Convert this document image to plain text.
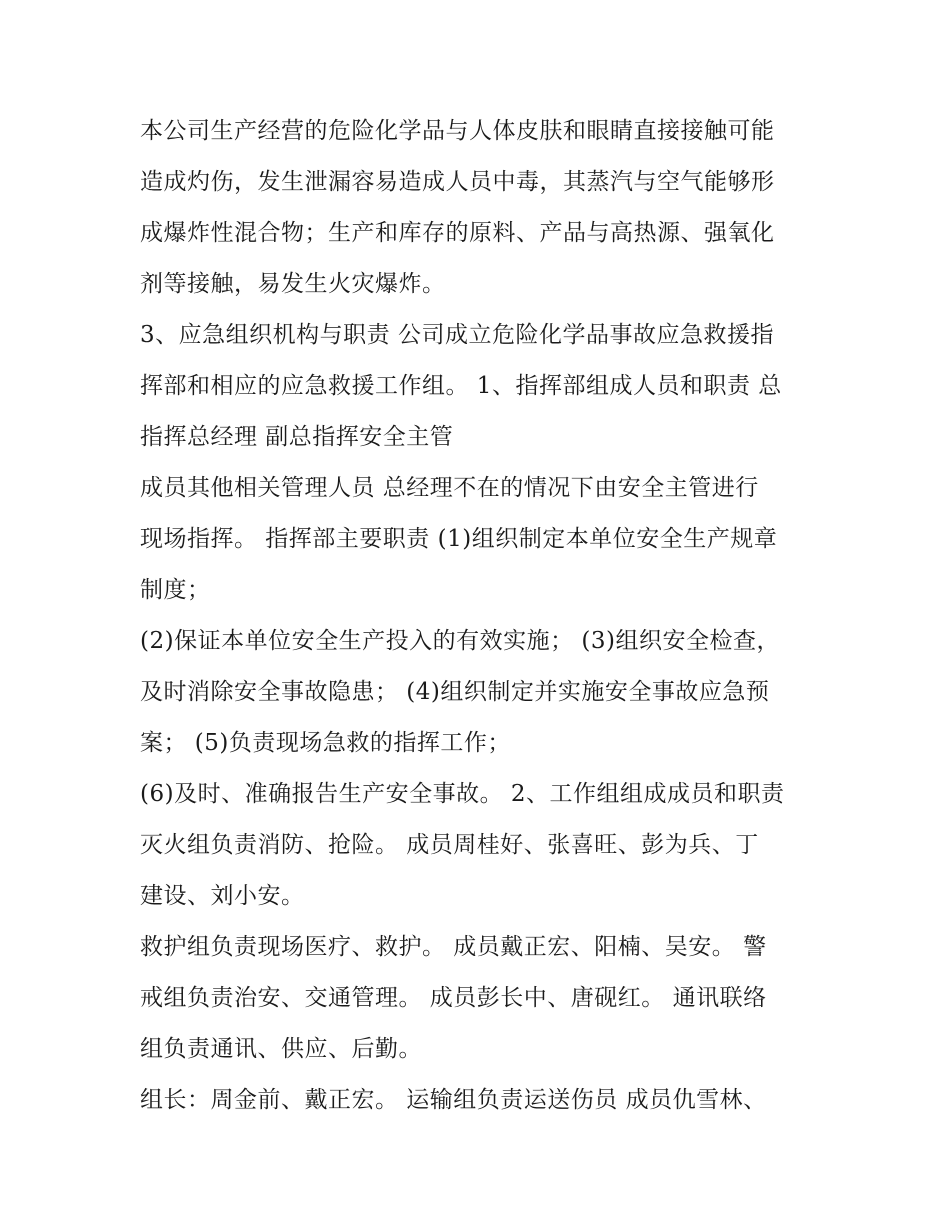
本公司生产经营的危险化学品与人体皮肤和眼睛直接接触可能
造成灼伤，发生泄漏容易造成人员中毒，其蒸汽与空气能够形
成爆炸性混合物；生产和库存的原料、产品与高热源、强氧化
剂等接触，易发生火灾爆炸。

3、应急组织机构与职责 公司成立危险化学品事故应急救援指
挥部和相应的应急救援工作组。 1、指挥部组成人员和职责 总
指挥总经理 副总指挥安全主管

成员其他相关管理人员 总经理不在的情况下由安全主管进行
现场指挥。 指挥部主要职责 (1)组织制定本单位安全生产规章
制度；

(2)保证本单位安全生产投入的有效实施； (3)组织安全检查，
及时消除安全事故隐患； (4)组织制定并实施安全事故应急预
案； (5)负责现场急救的指挥工作；

(6)及时、准确报告生产安全事故。 2、工作组组成成员和职责
灭火组负责消防、抢险。 成员周桂好、张喜旺、彭为兵、丁
建设、刘小安。

救护组负责现场医疗、救护。 成员戴正宏、阳楠、吴安。 警
戒组负责治安、交通管理。 成员彭长中、唐砚红。 通讯联络
组负责通讯、供应、后勤。

组长：周金前、戴正宏。 运输组负责运送伤员 成员仇雪林、
